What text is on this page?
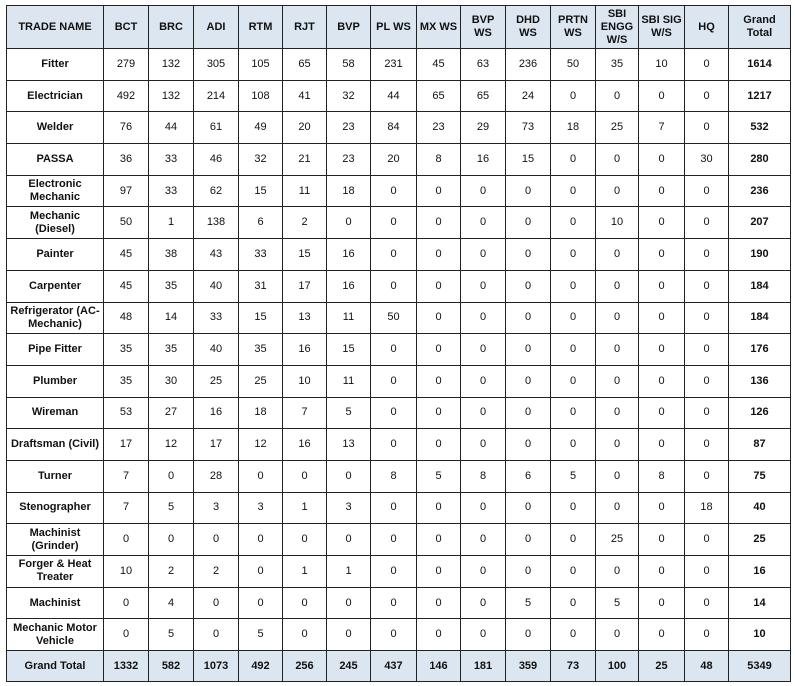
TRADE NAME	BCT	BRC	ADI	RTM	RJT	BVP	PL WS	MX WS	BVP WS	DHD WS	PRTN WS	SBI ENGG W/S	SBI SIG W/S	HQ	Grand Total
Fitter	279	132	305	105	65	58	231	45	63	236	50	35	10	0	1614
Electrician	492	132	214	108	41	32	44	65	65	24	0	0	0	0	1217
Welder	76	44	61	49	20	23	84	23	29	73	18	25	7	0	532
PASSA	36	33	46	32	21	23	20	8	16	15	0	0	0	30	280
Electronic Mechanic	97	33	62	15	11	18	0	0	0	0	0	0	0	0	236
Mechanic (Diesel)	50	1	138	6	2	0	0	0	0	0	0	10	0	0	207
Painter	45	38	43	33	15	16	0	0	0	0	0	0	0	0	190
Carpenter	45	35	40	31	17	16	0	0	0	0	0	0	0	0	184
Refrigerator (AC-Mechanic)	48	14	33	15	13	11	50	0	0	0	0	0	0	0	184
Pipe Fitter	35	35	40	35	16	15	0	0	0	0	0	0	0	0	176
Plumber	35	30	25	25	10	11	0	0	0	0	0	0	0	0	136
Wireman	53	27	16	18	7	5	0	0	0	0	0	0	0	0	126
Draftsman (Civil)	17	12	17	12	16	13	0	0	0	0	0	0	0	0	87
Turner	7	0	28	0	0	0	8	5	8	6	5	0	8	0	75
Stenographer	7	5	3	3	1	3	0	0	0	0	0	0	0	18	40
Machinist (Grinder)	0	0	0	0	0	0	0	0	0	0	0	25	0	0	25
Forger & Heat Treater	10	2	2	0	1	1	0	0	0	0	0	0	0	0	16
Machinist	0	4	0	0	0	0	0	0	0	5	0	5	0	0	14
Mechanic Motor Vehicle	0	5	0	5	0	0	0	0	0	0	0	0	0	0	10
Grand Total	1332	582	1073	492	256	245	437	146	181	359	73	100	25	48	5349
